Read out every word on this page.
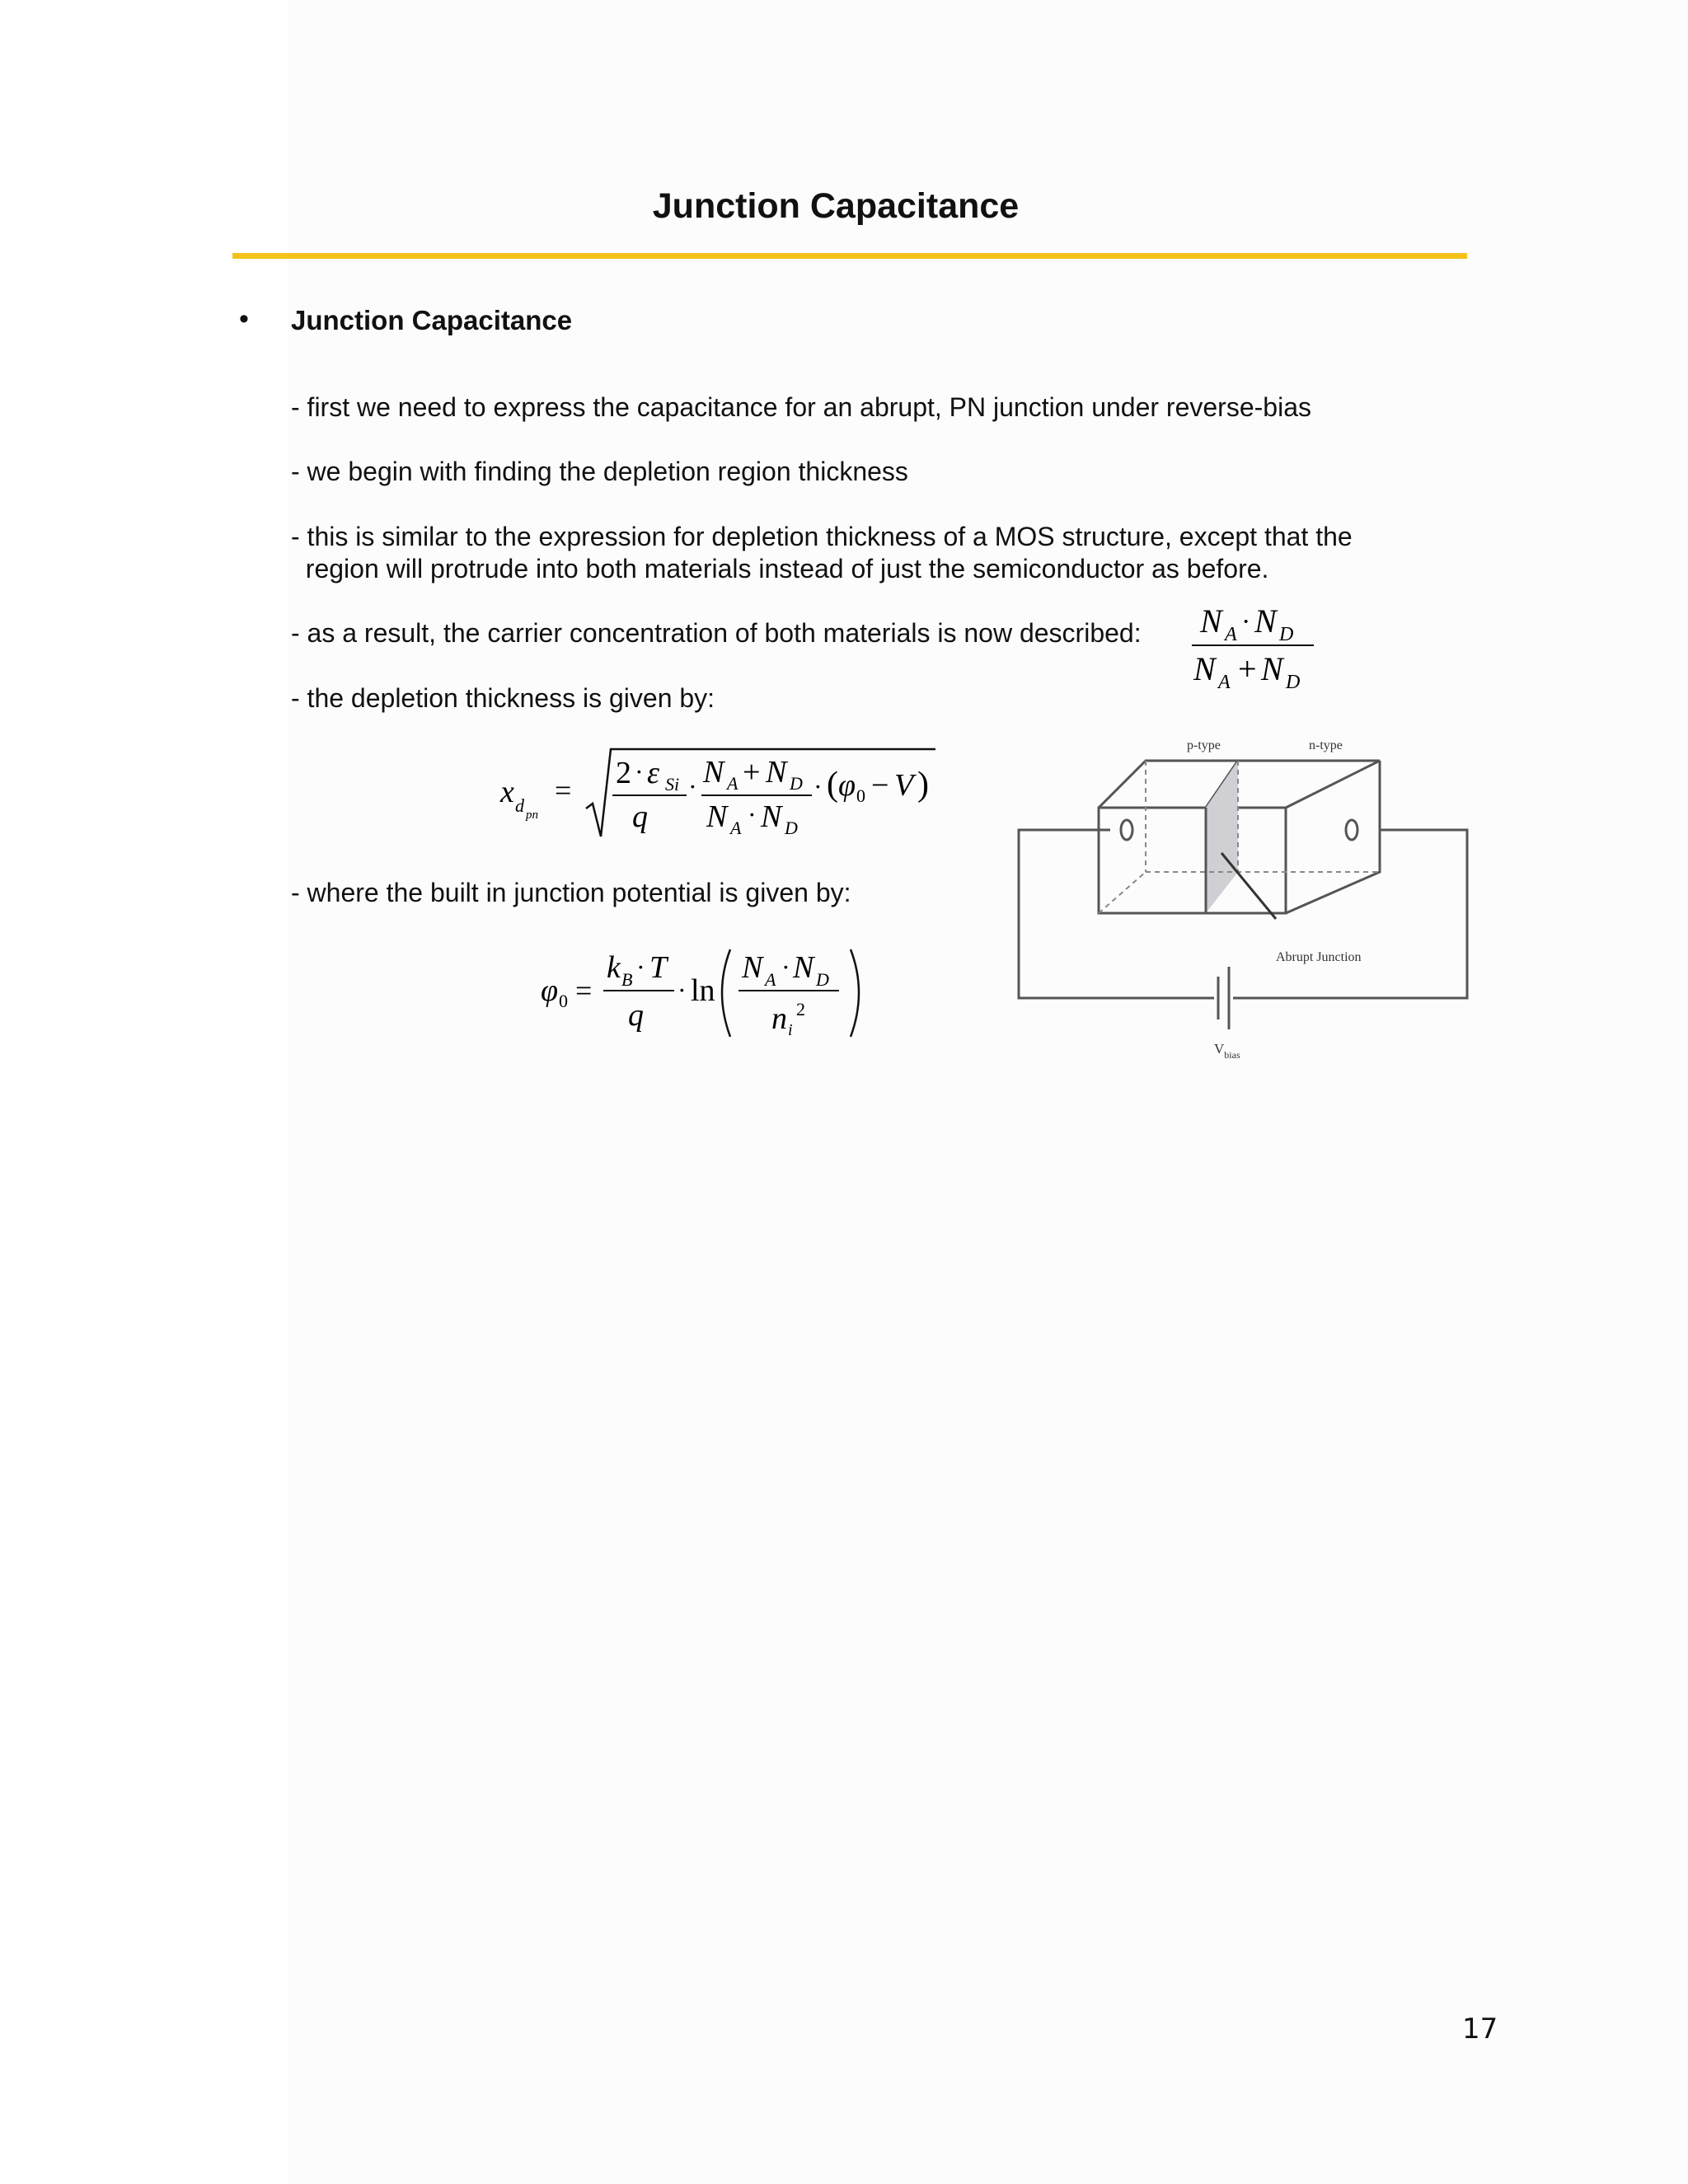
Junction Capacitance
• Junction Capacitance
- first we need to express the capacitance for an abrupt, PN junction under reverse-bias
- we begin with finding the depletion region thickness
- this is similar to the expression for depletion thickness of a MOS structure, except that the
region will protrude into both materials instead of just the semiconductor as before.
- as a result, the carrier concentration of both materials is now described:
- the depletion thickness is given by:
- where the built in junction potential is given by:
N A · N D
N A + N D
x d pn
= 2 · ε Si
q
· N A + N D
N A · N D
· ( φ 0 − V )
φ 0 =
k B · T
q
· ln
N A · N D
n i
2
p-type	n-type
Abrupt Junction
$V_{bias}$
17
